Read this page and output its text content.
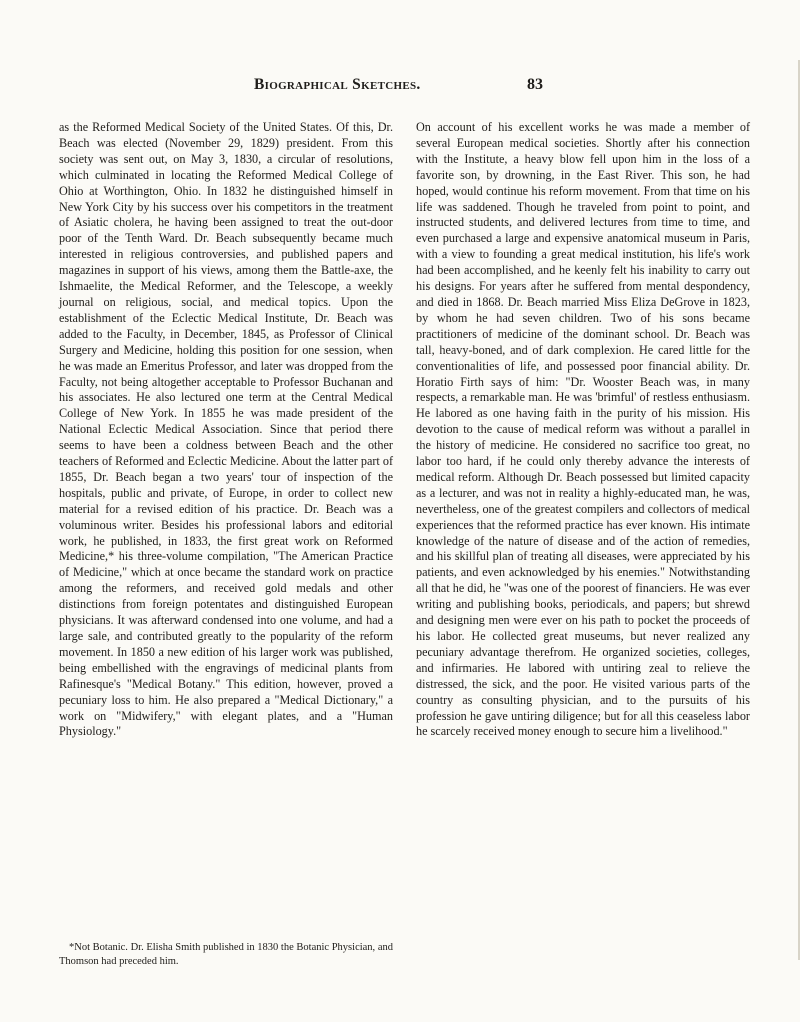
Biographical Sketches.	83

as the Reformed Medical Society of the United States. Of this, Dr. Beach was elected (November 29, 1829) president. From this society was sent out, on May 3, 1830, a circular of resolutions, which culminated in locating the Reformed Medical College of Ohio at Worthington, Ohio. In 1832 he distinguished himself in New York City by his success over his competitors in the treatment of Asiatic cholera, he having been assigned to treat the out-door poor of the Tenth Ward. Dr. Beach subsequently became much interested in religious controversies, and published papers and magazines in support of his views, among them the Battle-axe, the Ishmaelite, the Medical Reformer, and the Telescope, a weekly journal on religious, social, and medical topics. Upon the establishment of the Eclectic Medical Institute, Dr. Beach was added to the Faculty, in December, 1845, as Professor of Clinical Surgery and Medicine, holding this position for one session, when he was made an Emeritus Professor, and later was dropped from the Faculty, not being altogether acceptable to Professor Buchanan and his associates. He also lectured one term at the Central Medical College of New York. In 1855 he was made president of the National Eclectic Medical Association. Since that period there seems to have been a coldness between Beach and the other teachers of Reformed and Eclectic Medicine. About the latter part of 1855, Dr. Beach began a two years' tour of inspection of the hospitals, public and private, of Europe, in order to collect new material for a revised edition of his practice. Dr. Beach was a voluminous writer. Besides his professional labors and editorial work, he published, in 1833, the first great work on Reformed Medicine,* his three-volume compilation, "The American Practice of Medicine," which at once became the standard work on practice among the reformers, and received gold medals and other distinctions from foreign potentates and distinguished European physicians. It was afterward condensed into one volume, and had a large sale, and contributed greatly to the popularity of the reform movement. In 1850 a new edition of his larger work was published, being embellished with the engravings of medicinal plants from Rafinesque's "Medical Botany." This edition, however, proved a pecuniary loss to him. He also prepared a "Medical Dictionary," a work on "Midwifery," with elegant plates, and a "Human Physiology."

On account of his excellent works he was made a member of several European medical societies. Shortly after his connection with the Institute, a heavy blow fell upon him in the loss of a favorite son, by drowning, in the East River. This son, he had hoped, would continue his reform movement. From that time on his life was saddened. Though he traveled from point to point, and instructed students, and delivered lectures from time to time, and even purchased a large and expensive anatomical museum in Paris, with a view to founding a great medical institution, his life's work had been accomplished, and he keenly felt his inability to carry out his designs. For years after he suffered from mental despondency, and died in 1868. Dr. Beach married Miss Eliza DeGrove in 1823, by whom he had seven children. Two of his sons became practitioners of medicine of the dominant school. Dr. Beach was tall, heavy-boned, and of dark complexion. He cared little for the conventionalities of life, and possessed poor financial ability. Dr. Horatio Firth says of him: "Dr. Wooster Beach was, in many respects, a remarkable man. He was 'brimful' of restless enthusiasm. He labored as one having faith in the purity of his mission. His devotion to the cause of medical reform was without a parallel in the history of medicine. He considered no sacrifice too great, no labor too hard, if he could only thereby advance the interests of medical reform. Although Dr. Beach possessed but limited capacity as a lecturer, and was not in reality a highly-educated man, he was, nevertheless, one of the greatest compilers and collectors of medical experiences that the reformed practice has ever known. His intimate knowledge of the nature of disease and of the action of remedies, and his skillful plan of treating all diseases, were appreciated by his patients, and even acknowledged by his enemies." Notwithstanding all that he did, he "was one of the poorest of financiers. He was ever writing and publishing books, periodicals, and papers; but shrewd and designing men were ever on his path to pocket the proceeds of his labor. He collected great museums, but never realized any pecuniary advantage therefrom. He organized societies, colleges, and infirmaries. He labored with untiring zeal to relieve the distressed, the sick, and the poor. He visited various parts of the country as consulting physician, and to the pursuits of his profession he gave untiring diligence; but for all this ceaseless labor he scarcely received money enough to secure him a livelihood."

*Not Botanic. Dr. Elisha Smith published in 1830 the Botanic Physician, and Thomson had preceded him.
